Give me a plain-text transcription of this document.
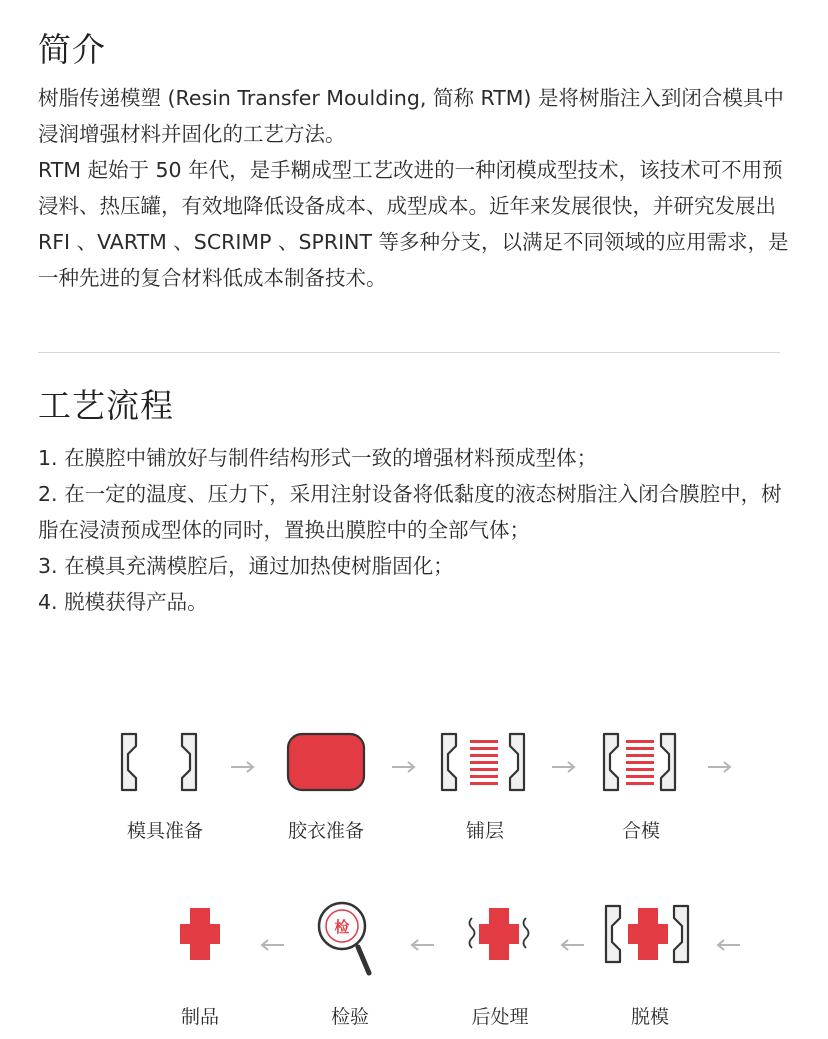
简介

树脂传递模塑 (Resin Transfer Moulding, 简称 RTM) 是将树脂注入到闭合模具中浸润增强材料并固化的工艺方法。

RTM 起始于 50 年代，是手糊成型工艺改进的一种闭模成型技术，该技术可不用预浸料、热压罐，有效地降低设备成本、成型成本。近年来发展很快，并研究发展出 RFI 、VARTM 、SCRIMP 、SPRINT 等多种分支，以满足不同领域的应用需求，是一种先进的复合材料低成本制备技术。

工艺流程

1. 在膜腔中铺放好与制件结构形式一致的增强材料预成型体；

2. 在一定的温度、压力下，采用注射设备将低黏度的液态树脂注入闭合膜腔中，树脂在浸渍预成型体的同时，置换出膜腔中的全部气体；

3. 在模具充满模腔后，通过加热使树脂固化；

4. 脱模获得产品。

检
模具准备	胶衣准备	铺层	合模
制品	检验	后处理	脱模
